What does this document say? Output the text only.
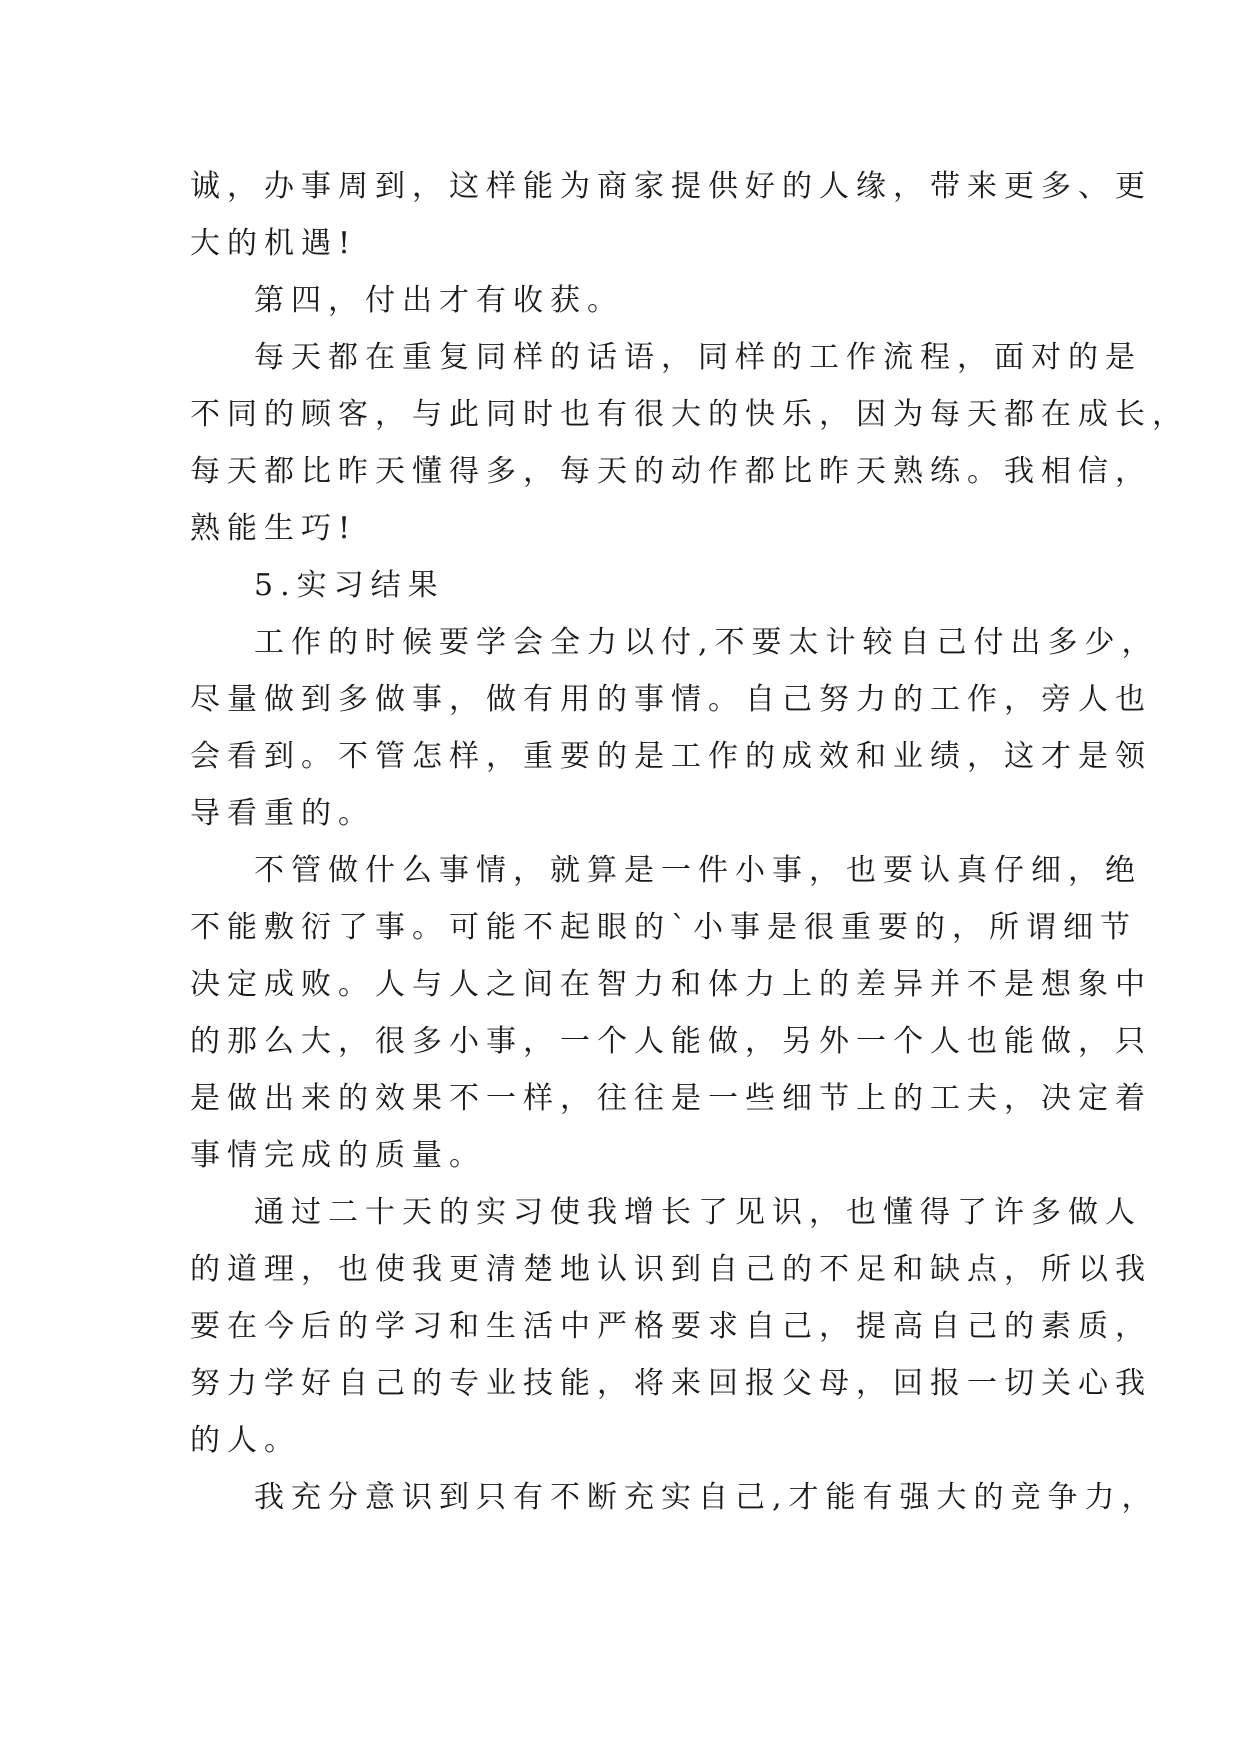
诚，办事周到，这样能为商家提供好的人缘，带来更多、更
大的机遇!
第四，付出才有收获。
每天都在重复同样的话语，同样的工作流程，面对的是
不同的顾客，与此同时也有很大的快乐，因为每天都在成长，
每天都比昨天懂得多，每天的动作都比昨天熟练。我相信，
熟能生巧!
5.实习结果
工作的时候要学会全力以付,不要太计较自己付出多少，
尽量做到多做事，做有用的事情。自己努力的工作，旁人也
会看到。不管怎样，重要的是工作的成效和业绩，这才是领
导看重的。
不管做什么事情，就算是一件小事，也要认真仔细，绝
不能敷衍了事。可能不起眼的`小事是很重要的，所谓细节
决定成败。人与人之间在智力和体力上的差异并不是想象中
的那么大，很多小事，一个人能做，另外一个人也能做，只
是做出来的效果不一样，往往是一些细节上的工夫，决定着
事情完成的质量。
通过二十天的实习使我增长了见识，也懂得了许多做人
的道理，也使我更清楚地认识到自己的不足和缺点，所以我
要在今后的学习和生活中严格要求自己，提高自己的素质，
努力学好自己的专业技能，将来回报父母，回报一切关心我
的人。
我充分意识到只有不断充实自己,才能有强大的竞争力，
